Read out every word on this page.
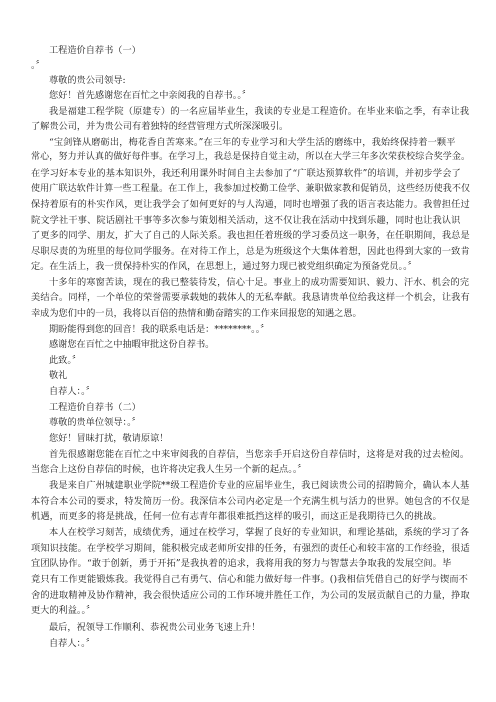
工程造价自荐书（一）
。〞
尊敬的贵公司领导:
您好！首先感谢您在百忙之中亲阅我的自荐书。。〞
我是福建工程学院（原建专）的一名应届毕业生，我读的专业是工程造价。在毕业来临之季，有幸让我
了解贵公司，并为贵公司有着独特的经营管理方式所深深吸引。
“宝剑锋从磨砺出，梅花香自苦寒来。”在三年的专业学习和大学生活的磨练中，我始终保持着一颗平
常心，努力并认真的做好每件事。在学习上，我总是保持自觉主动，所以在大学三年多次荣获校综合奖学金。
在学习好本专业的基本知识外，我还利用课外时间自主去参加了“广联达预算软件”的培训，并初步学会了
使用广联达软件计算一些工程量。在工作上，我参加过校勤工俭学、兼职做家教和促销员，这些经历使我不仅
保持着原有的朴实作风，更让我学会了如何更好的与人沟通，同时也增强了我的语言表达能力。我曾担任过
院文学社干事、院话剧社干事等多次参与策划相关活动，这不仅让我在活动中找到乐趣，同时也让我认识
了更多的同学、朋友，扩大了自己的人际关系。我也担任着班级的学习委员这一职务，在任职期间，我总是
尽职尽责的为班里的每位同学服务。在对待工作上，总是为班级这个大集体着想，因此也得到大家的一致肯
定。在生活上，我一贯保持朴实的作风，在思想上，通过努力现已被党组织确定为预备党员。。〞
十多年的寒窗苦读，现在的我已整装待发，信心十足。事业上的成功需要知识、毅力、汗水、机会的完
美结合。同样，一个单位的荣誉需要承载她的载体人的无私奉献。我恳请贵单位给我这样一个机会，让我有
幸成为您们中的一员，我将以百倍的热情和勤奋踏实的工作来回报您的知遇之恩。
期盼能得到您的回音！我的联系电话是：********。。〞
感谢您在百忙之中抽暇审批这份自荐书。
此致。〞
敬礼
自荐人：。〞
工程造价自荐书（二）
尊敬的贵单位领导：。〞
您好！冒昧打扰，敬请原谅！
首先很感谢您能在百忙之中来审阅我的自荐信，当您亲手开启这份自荐信时，这将是对我的过去检阅。
当您合上这份自荐信的时候，也许将决定我人生另一个新的起点。。〞
我是来自广州城建职业学院**级工程造价专业的应届毕业生，我已阅读贵公司的招聘简介，确认本人基
本符合本公司的要求，特发简历一份。我深信本公司内必定是一个充满生机与活力的世界。她包含的不仅是
机遇，而更多的将是挑战，任何一位有志青年都很难抵挡这样的吸引，而这正是我期待已久的挑战。
本人在校学习刻苦，成绩优秀，通过在校学习，掌握了良好的专业知识，和理论基础，系统的学习了各
项知识技能。在学校学习期间，能积极完成老师所安排的任务，有强烈的责任心和较丰富的工作经验，很适
宜团队协作。“敢于创新，勇于开拓”是我执着的追求，我将用我的努力与智慧去争取我的发展空间。毕
竟只有工作更能锻炼我。我觉得自己有勇气、信心和能力做好每一件事。()我相信凭借自己的好学与锲而不
舍的进取精神及协作精神，我会很快适应公司的工作环境并胜任工作，为公司的发展贡献自己的力量，挣取
更大的利益。。〞
最后，祝领导工作顺利、恭祝贵公司业务飞速上升！
自荐人：。〞
